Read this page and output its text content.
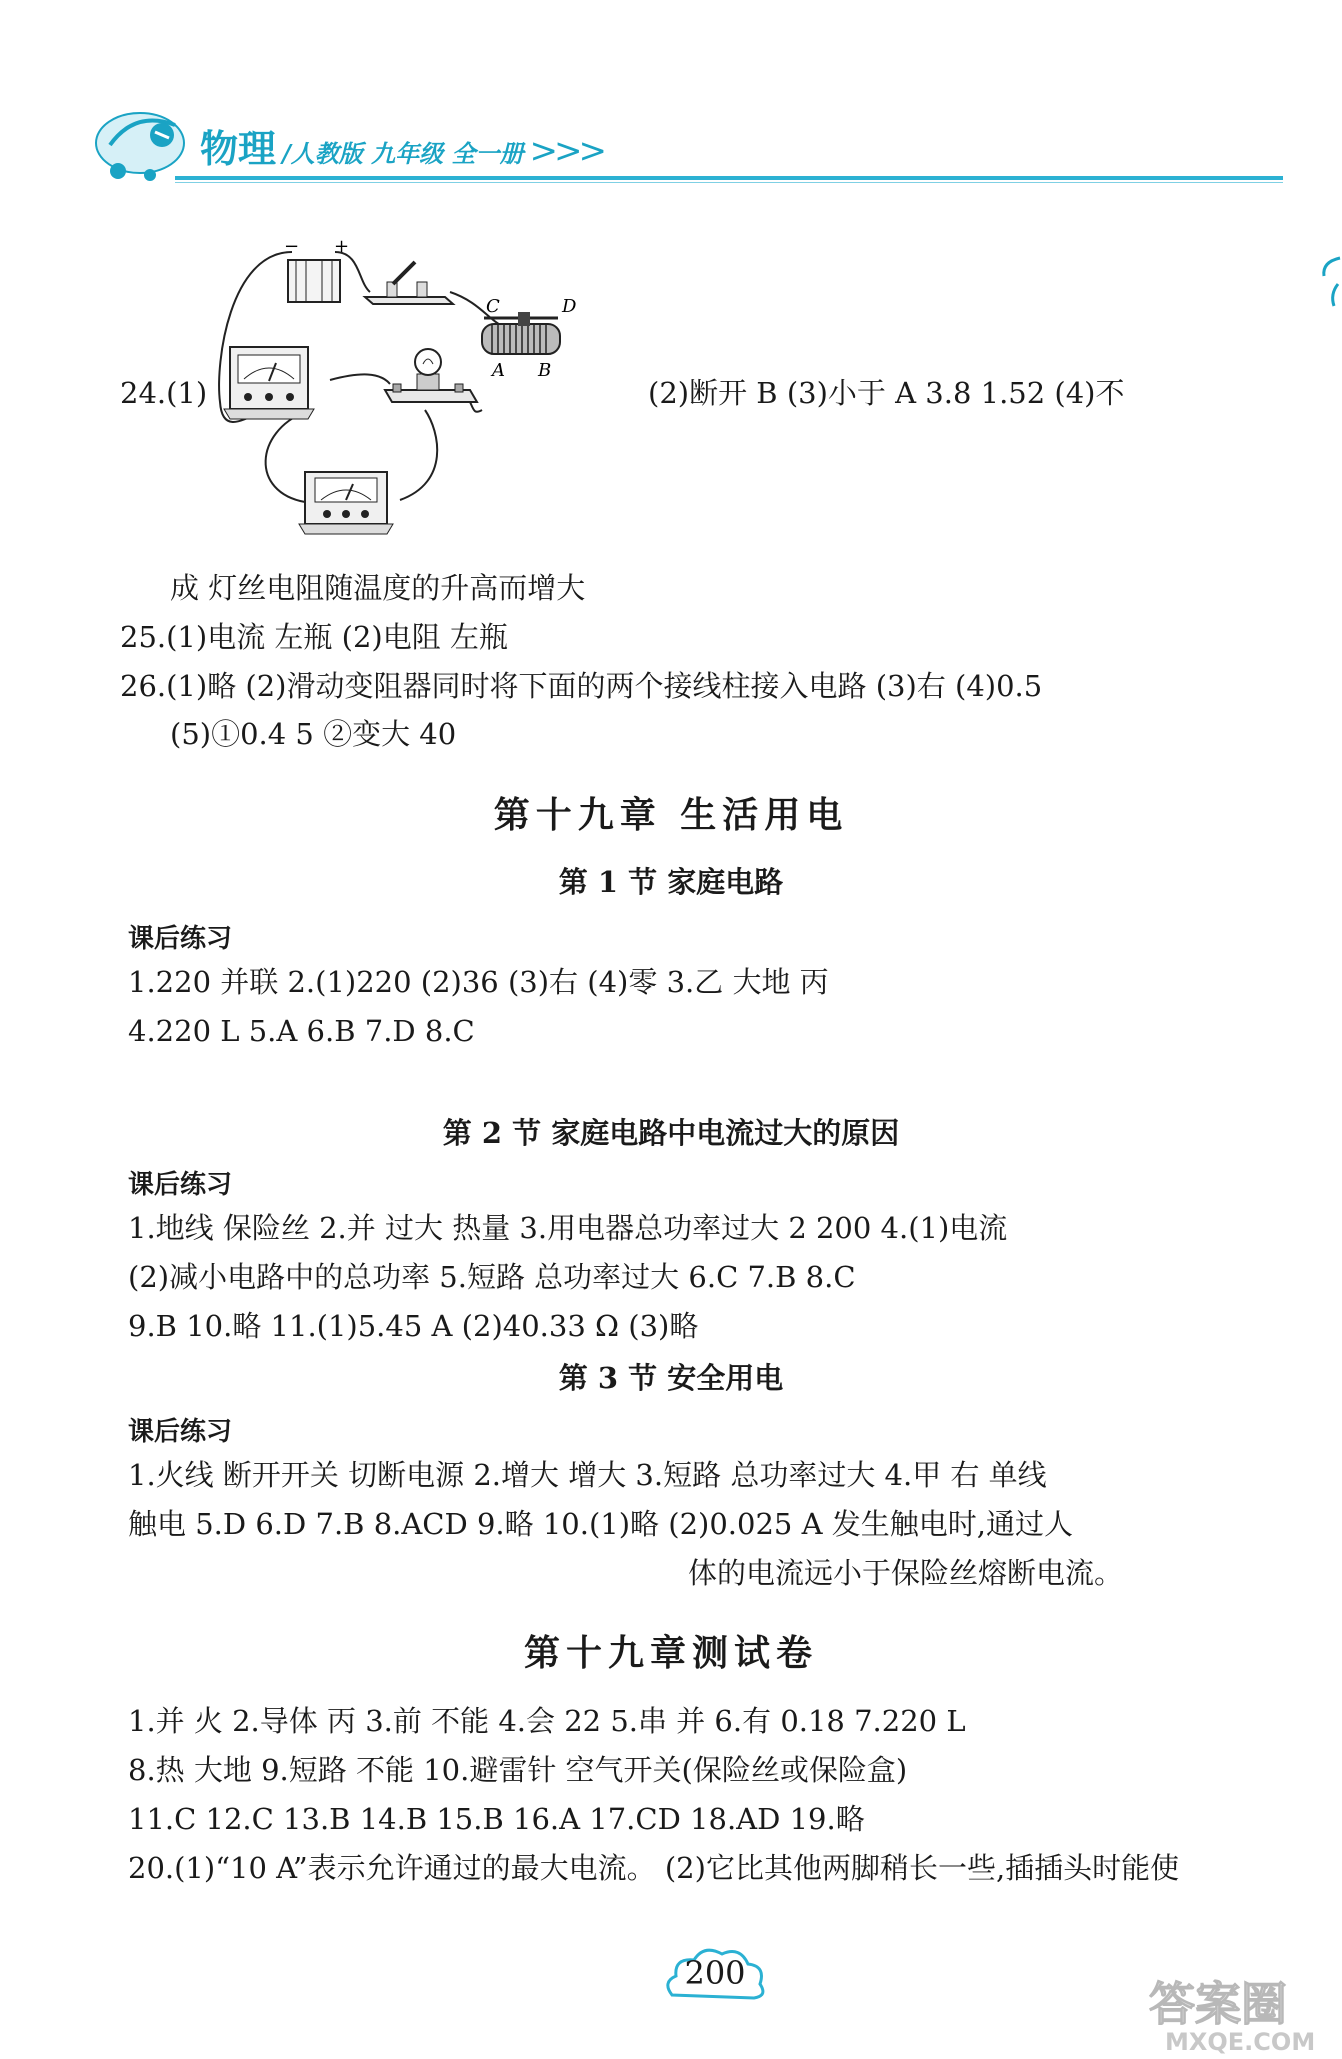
物理 /人教版 九年级 全一册 >>>
24.(1)
− +
C	D
A B
(2)断开 B (3)小于 A 3.8 1.52 (4)不
成 灯丝电阻随温度的升高而增大
25.(1)电流 左瓶 (2)电阻 左瓶
26.(1)略 (2)滑动变阻器同时将下面的两个接线柱接入电路 (3)右 (4)0.5
(5)①0.4 5 ②变大 40
第十九章 生活用电
第 1 节 家庭电路
课后练习
1.220 并联 2.(1)220 (2)36 (3)右 (4)零 3.乙 大地 丙
4.220 L 5.A 6.B 7.D 8.C
第 2 节 家庭电路中电流过大的原因
课后练习
1.地线 保险丝 2.并 过大 热量 3.用电器总功率过大 2 200 4.(1)电流
(2)减小电路中的总功率 5.短路 总功率过大 6.C 7.B 8.C
9.B 10.略 11.(1)5.45 A (2)40.33 Ω (3)略
第 3 节 安全用电
课后练习
1.火线 断开开关 切断电源 2.增大 增大 3.短路 总功率过大 4.甲 右 单线
触电 5.D 6.D 7.B 8.ACD 9.略 10.(1)略 (2)0.025 A 发生触电时,通过人
体的电流远小于保险丝熔断电流。
第十九章测试卷
1.并 火 2.导体 丙 3.前 不能 4.会 22 5.串 并 6.有 0.18 7.220 L
8.热 大地 9.短路 不能 10.避雷针 空气开关(保险丝或保险盒)
11.C 12.C 13.B 14.B 15.B 16.A 17.CD 18.AD 19.略
20.(1)“10 A”表示允许通过的最大电流。 (2)它比其他两脚稍长一些,插插头时能使
200
答案圈
MXQE.COM
